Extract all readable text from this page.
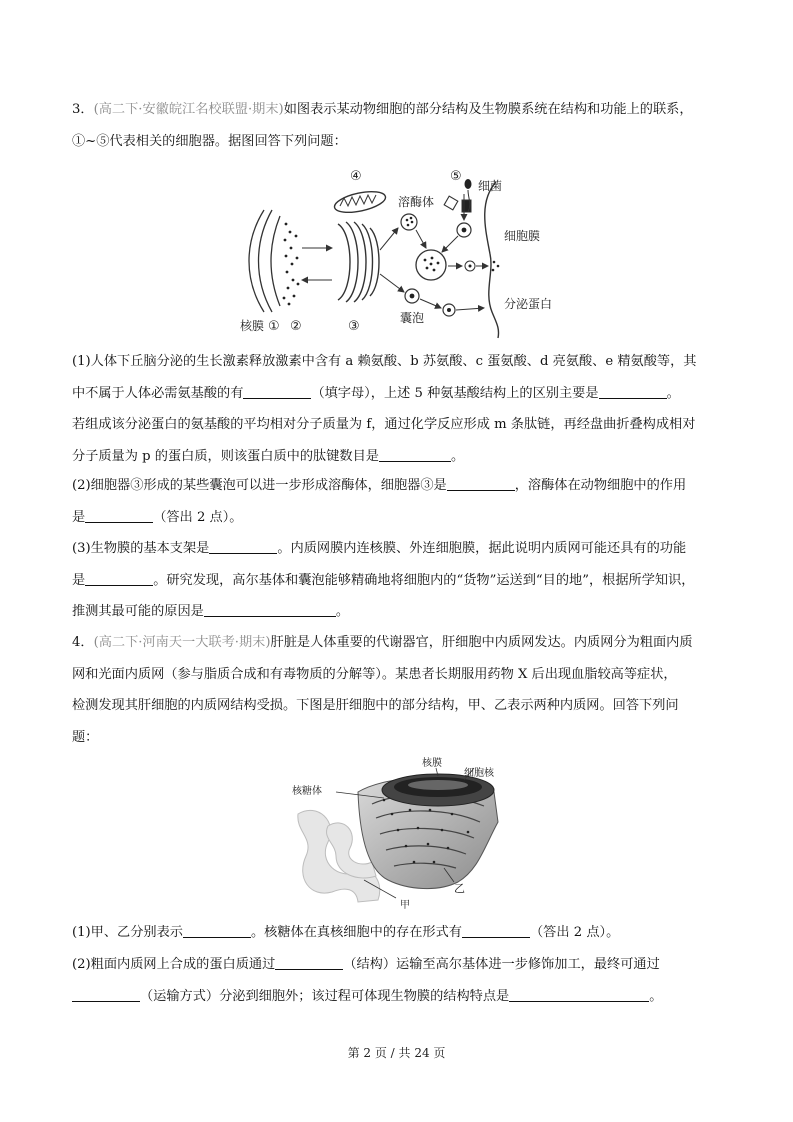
3．(高二下·安徽皖江名校联盟·期末)如图表示某动物细胞的部分结构及生物膜系统在结构和功能上的联系，
①~⑤代表相关的细胞器。据图回答下列问题：
④	⑤
溶酶体
细菌
细胞膜
囊泡
分泌蛋白
核膜 ① ②	③
(1)人体下丘脑分泌的生长激素释放激素中含有 a 赖氨酸、b 苏氨酸、c 蛋氨酸、d 亮氨酸、e 精氨酸等，其
中不属于人体必需氨基酸的有	（填字母），上述 5 种氨基酸结构上的区别主要是	。
若组成该分泌蛋白的氨基酸的平均相对分子质量为 f，通过化学反应形成 m 条肽链，再经盘曲折叠构成相对
分子质量为 p 的蛋白质，则该蛋白质中的肽键数目是	。
(2)细胞器③形成的某些囊泡可以进一步形成溶酶体，细胞器③是	，溶酶体在动物细胞中的作用
是	（答出 2 点）。
(3)生物膜的基本支架是	。内质网膜内连核膜、外连细胞膜，据此说明内质网可能还具有的功能
是	。研究发现，高尔基体和囊泡能够精确地将细胞内的“货物”运送到“目的地”，根据所学知识，
推测其最可能的原因是	。
4．(高二下·河南天一大联考·期末)肝脏是人体重要的代谢器官，肝细胞中内质网发达。内质网分为粗面内质
网和光面内质网（参与脂质合成和有毒物质的分解等）。某患者长期服用药物 X 后出现血脂较高等症状，
检测发现其肝细胞的内质网结构受损。下图是肝细胞中的部分结构，甲、乙表示两种内质网。回答下列问
题：
核糖体
核膜
细胞核
乙
甲
(1)甲、乙分别表示	。核糖体在真核细胞中的存在形式有	（答出 2 点）。
(2)粗面内质网上合成的蛋白质通过	（结构）运输至高尔基体进一步修饰加工，最终可通过
（运输方式）分泌到细胞外；该过程可体现生物膜的结构特点是	。
第 2 页 / 共 24 页
